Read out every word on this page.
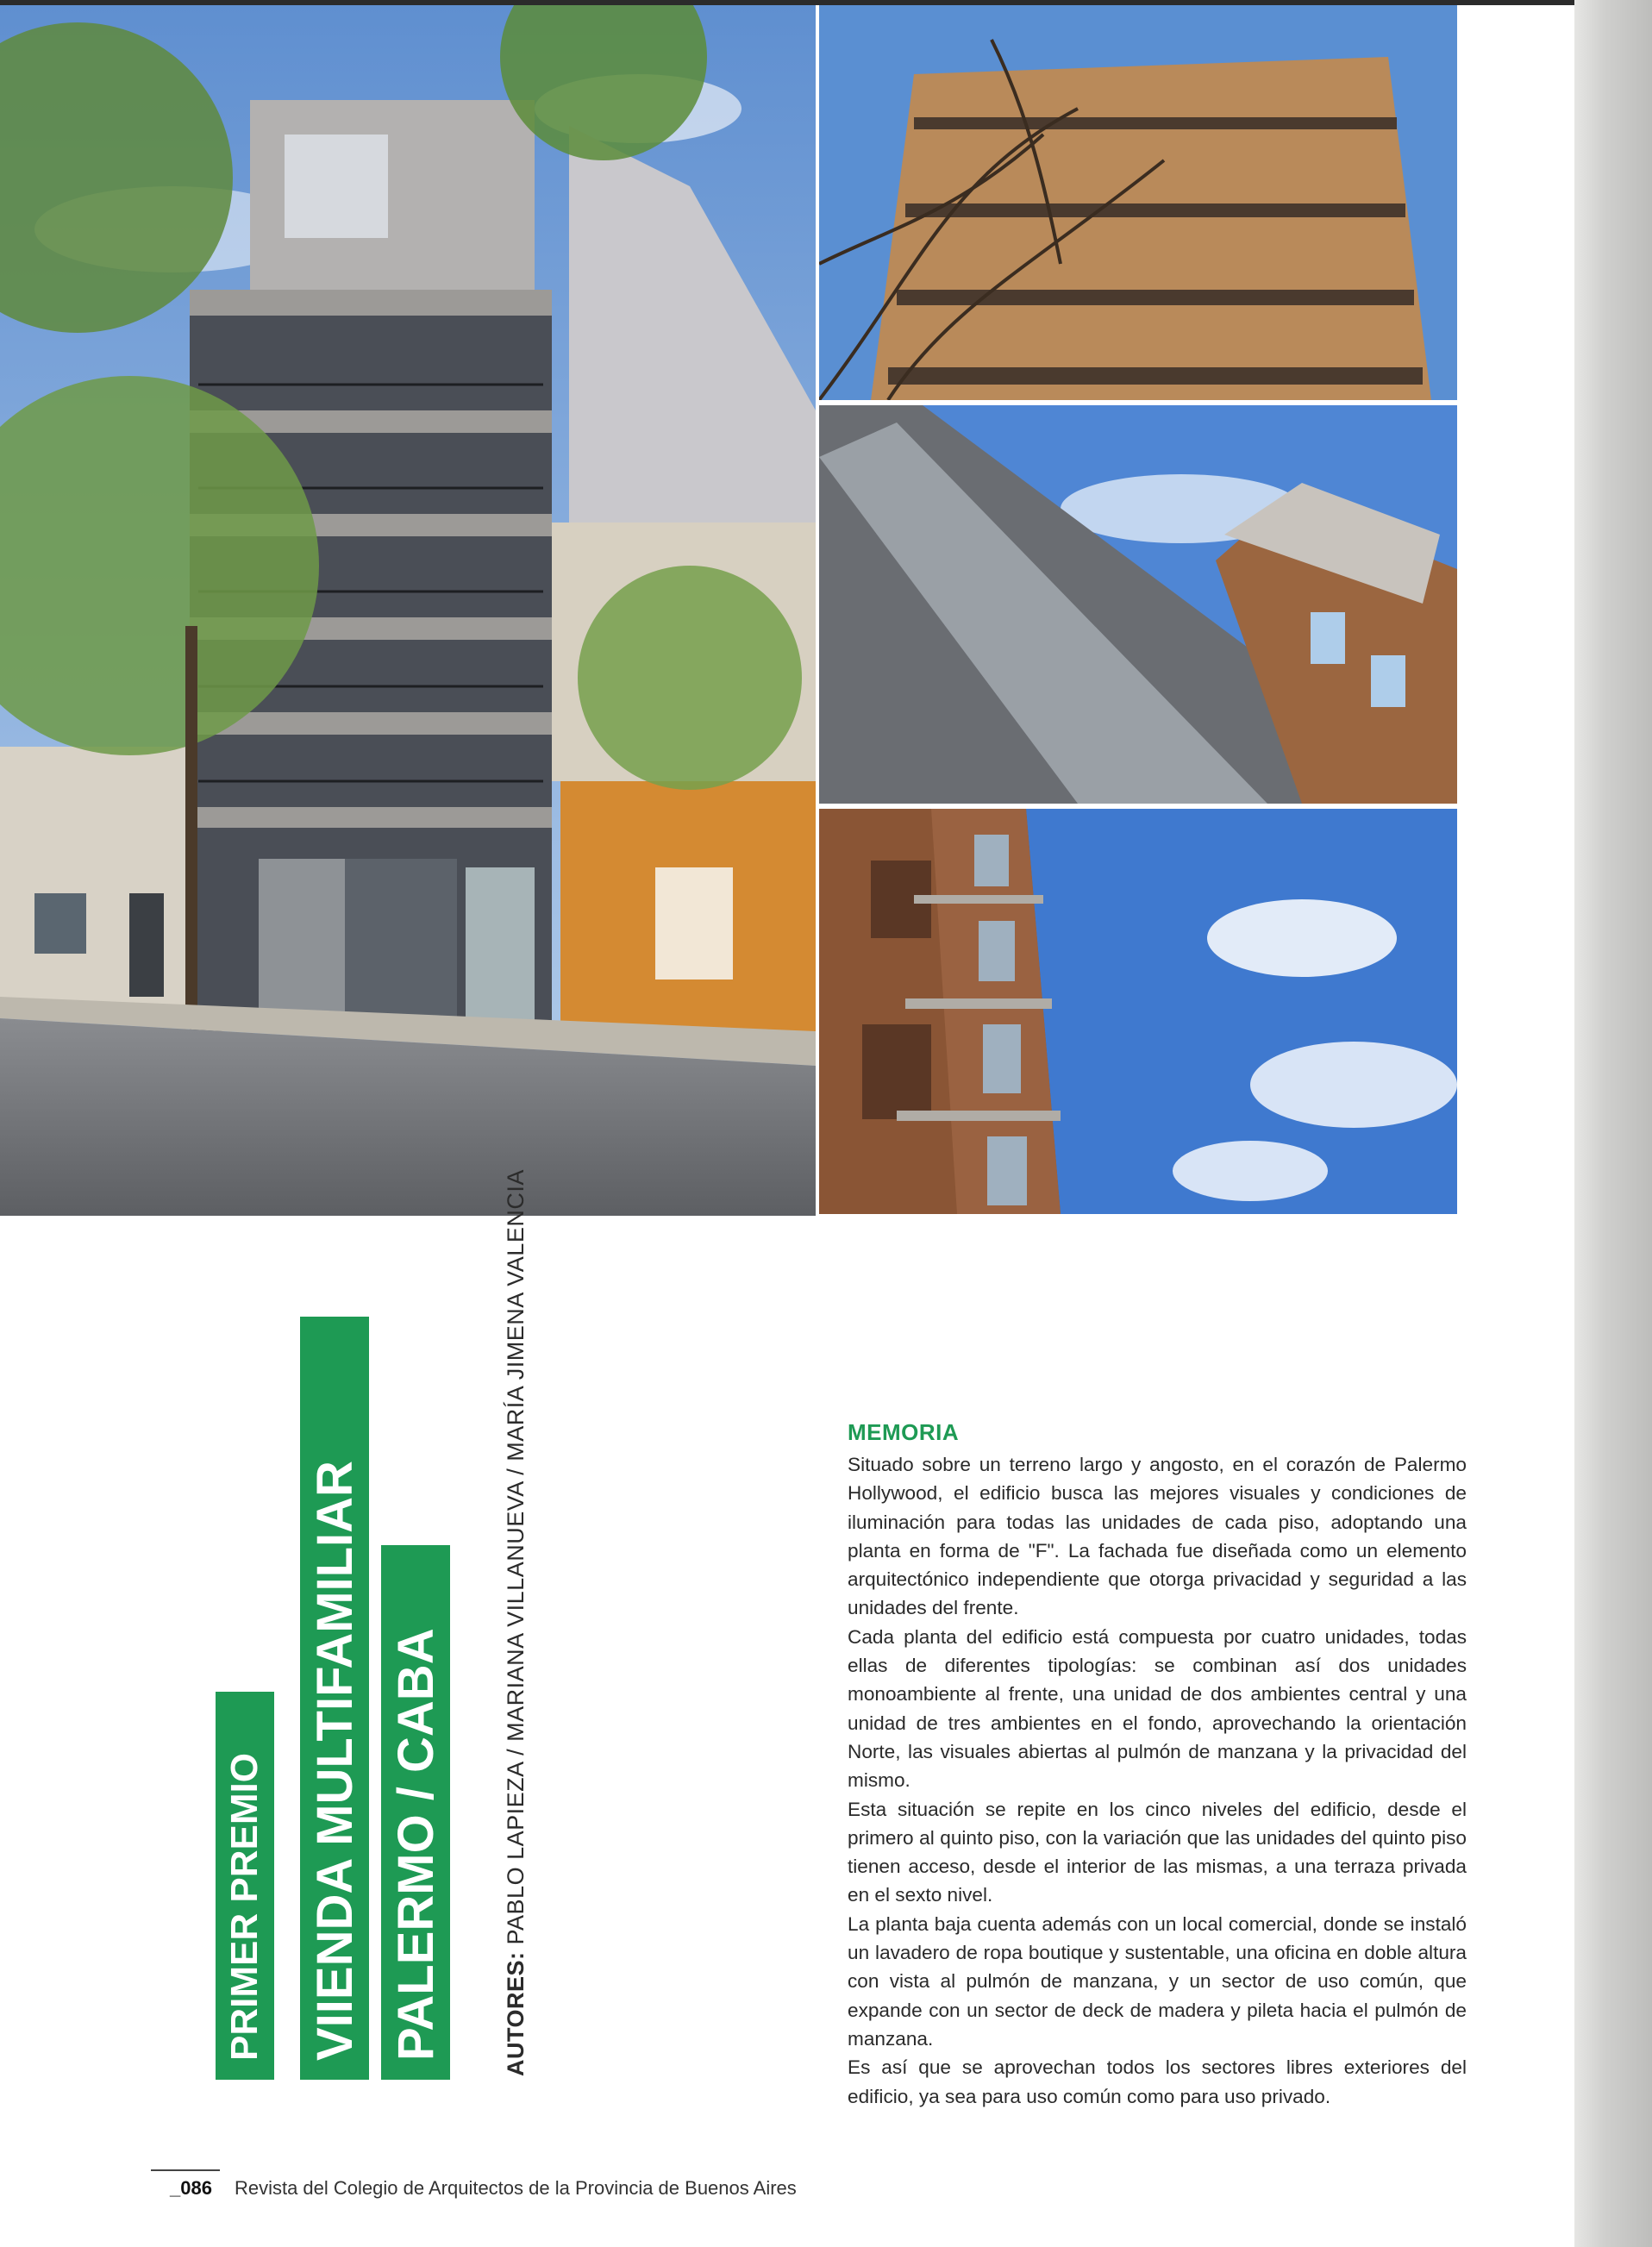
PRIMER PREMIO VIIENDA MULTIFAMILIAR PALERMO / CABA	AUTORES:

PABLO LAPIEZA / MARIANA VILLANUEVA / MARÍA JIMENA VALENCIA	MEMORIA

Situado sobre un terreno largo y angosto, en el corazón de Palermo Hollywood, el edificio busca las mejores visuales y condiciones de iluminación para todas las unidades de cada piso, adoptando una planta en forma de "F". La fachada fue diseñada como un elemento arquitectónico independiente que otorga privacidad y seguridad a las unidades del frente.

Cada planta del edificio está compuesta por cuatro unidades, todas ellas de diferentes tipologías: se combinan así dos unidades monoambiente al frente, una unidad de dos ambientes central y una unidad de tres ambientes en el fondo, aprovechando la orientación Norte, las visuales abiertas al pulmón de manzana y la privacidad del mismo.

Esta situación se repite en los cinco niveles del edificio, desde el primero al quinto piso, con la variación que las unidades del quinto piso tienen acceso, desde el interior de las mismas, a una terraza privada en el sexto nivel.

La planta baja cuenta además con un local comercial, donde se instaló un lavadero de ropa boutique y sustentable, una oficina en doble altura con vista al pulmón de manzana, y un sector de uso común, que expande con un sector de deck de madera y pileta hacia el pulmón de manzana.

Es así que se aprovechan todos los sectores libres exteriores del edificio, ya sea para uso común como para uso privado.

_086 Revista del Colegio de Arquitectos de la Provincia de Buenos Aires
